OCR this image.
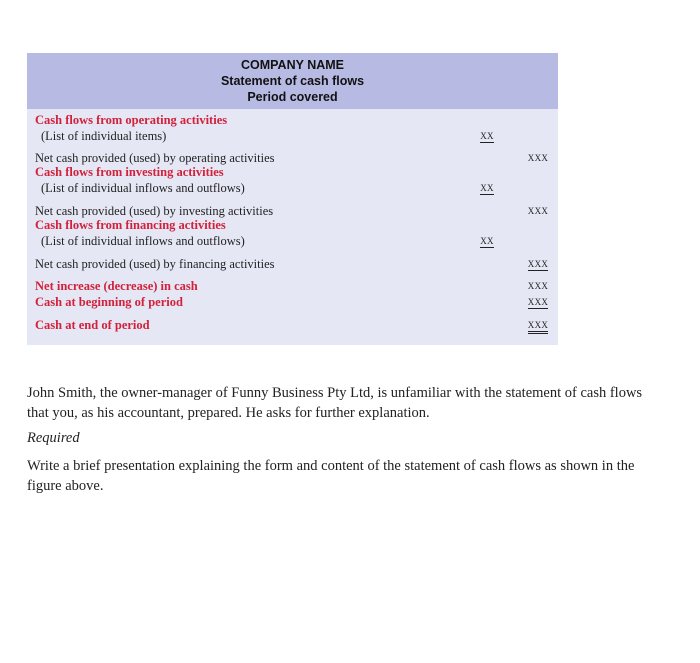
COMPANY NAME
Statement of cash flows
Period covered
Cash flows from operating activities
(List of individual items)	XX
Net cash provided (used) by operating activities	XXX
Cash flows from investing activities
(List of individual inflows and outflows)	XX
Net cash provided (used) by investing activities	XXX
Cash flows from financing activities
(List of individual inflows and outflows)	XX
Net cash provided (used) by financing activities	XXX
Net increase (decrease) in cash	XXX
Cash at beginning of period	XXX
Cash at end of period	XXX
John Smith, the owner-manager of Funny Business Pty Ltd, is unfamiliar with the statement of cash flows that you, as his accountant, prepared. He asks for further explanation.
Required
Write a brief presentation explaining the form and content of the statement of cash flows as shown in the figure above.
